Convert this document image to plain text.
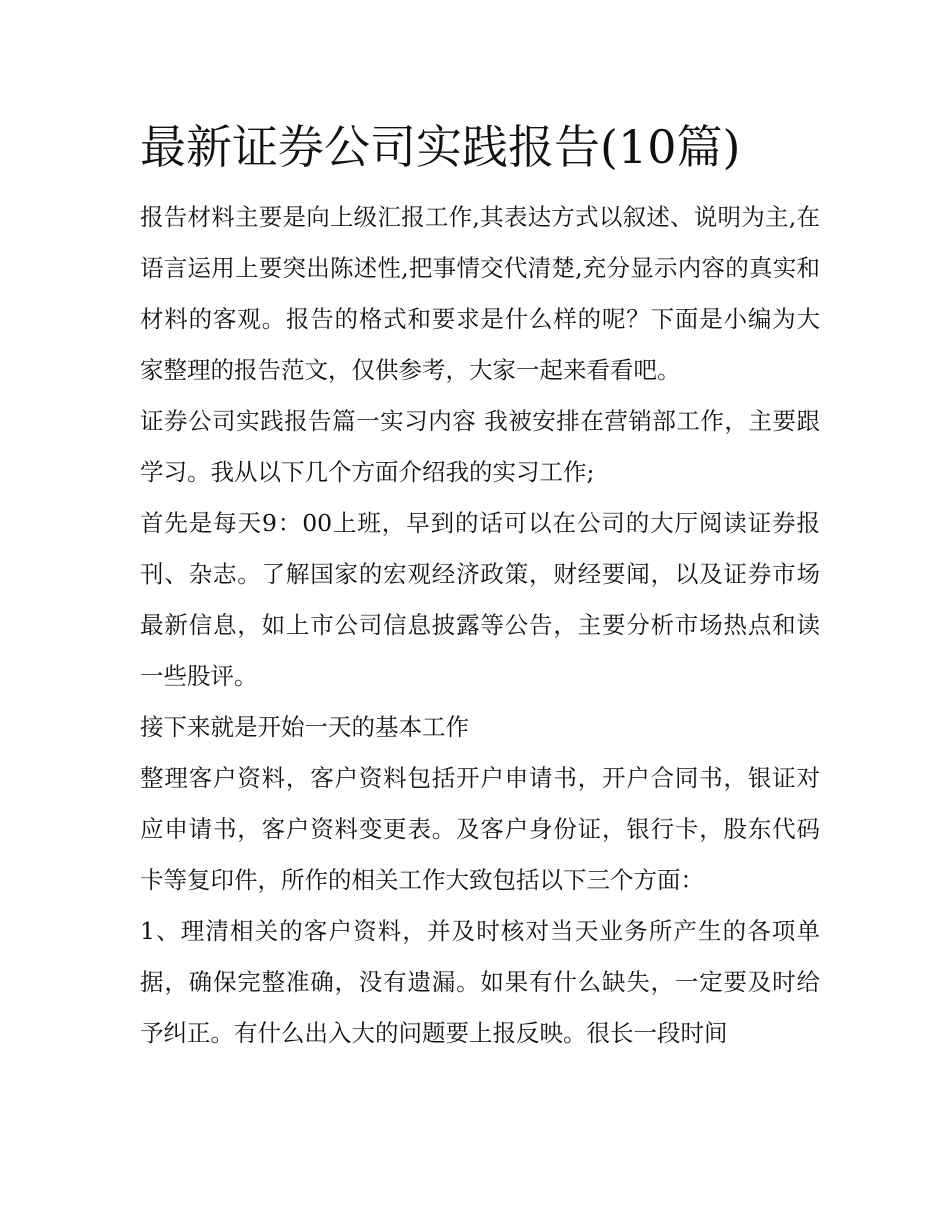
最新证券公司实践报告(10篇)

报告材料主要是向上级汇报工作,其表达方式以叙述、说明为主,在语言运用上要突出陈述性,把事情交代清楚,充分显示内容的真实和材料的客观。报告的格式和要求是什么样的呢？下面是小编为大家整理的报告范文，仅供参考，大家一起来看看吧。

证券公司实践报告篇一实习内容 我被安排在营销部工作，主要跟学习。我从以下几个方面介绍我的实习工作;

首先是每天9：00上班，早到的话可以在公司的大厅阅读证券报刊、杂志。了解国家的宏观经济政策，财经要闻，以及证券市场最新信息，如上市公司信息披露等公告，主要分析市场热点和读一些股评。

接下来就是开始一天的基本工作

整理客户资料，客户资料包括开户申请书，开户合同书，银证对应申请书，客户资料变更表。及客户身份证，银行卡，股东代码卡等复印件，所作的相关工作大致包括以下三个方面：

1、理清相关的客户资料，并及时核对当天业务所产生的各项单据，确保完整准确，没有遗漏。如果有什么缺失，一定要及时给予纠正。有什么出入大的问题要上报反映。很长一段时间
